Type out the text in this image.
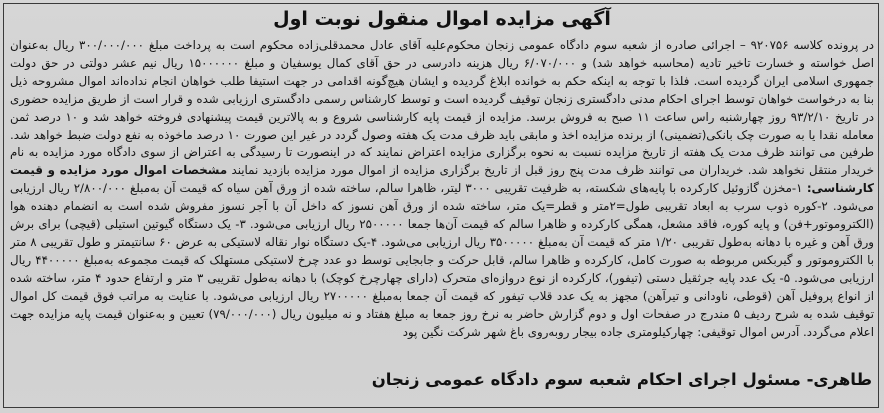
آگهی مزایده اموال منقول نوبت اول
در پرونده کلاسه ۹۲۰۷۵۶ – اجرائی صادره از شعبه سوم دادگاه عمومی زنجان محکوم‌علیه آقای عادل محمدقلی‌زاده محکوم است به پرداخت مبلغ ۳۰۰/۰۰۰/۰۰۰ ریال به‌عنوان اصل خواسته و خسارت تاخیر تادیه (محاسبه خواهد شد) و ۶/۰۷۰/۰۰۰ ریال هزینه دادرسی در حق آقای کمال یوسفیان و مبلغ ۱۵۰۰۰۰۰۰ ریال نیم عشر دولتی در حق دولت جمهوری اسلامی ایران گردیده است. فلذا با توجه به اینکه حکم به خوانده ابلاغ گردیده و ایشان هیچ‌گونه اقدامی در جهت استیفا طلب خواهان انجام نداده‌اند اموال مشروحه ذیل بنا به درخواست خواهان توسط اجرای احکام مدنی دادگستری زنجان توقیف گردیده است و توسط کارشناس رسمی دادگستری ارزیابی شده و قرار است از طریق مزایده حضوری در تاریخ ۹۳/۲/۱۰ روز چهارشنبه راس ساعت ۱۱ صبح به فروش برسد. مزایده از قیمت پایه کارشناسی شروع و به پالاترین قیمت پیشنهادی فروخته خواهد شد و ۱۰ درصد ثمن معامله نقدا یا به صورت چک بانکی(تضمینی) از برنده مزایده اخذ و مابقی باید ظرف مدت یک هفته وصول گردد در غیر این صورت ۱۰ درصد ماخوذه به نفع دولت ضبط خواهد شد. طرفین می توانند ظرف مدت یک هفته از تاریخ مزایده نسبت به نحوه برگزاری مزایده اعتراض نمایند که در اینصورت تا رسیدگی به اعتراض از سوی دادگاه مورد مزایده به نام خریدار منتقل نخواهد شد. خریداران می توانند ظرف مدت پنج روز قبل از تاریخ برگزاری مزایده از اموال مورد مزایده بازدید نمایند مشخصات اموال مورد مزایده و قیمت کارشناسی: ۱-مخزن گازوئیل کارکرده با پایه‌های شکسته، به ظرفیت تقریبی ۳۰۰۰ لیتر، ظاهرا سالم، ساخته شده از ورق آهن سیاه که قیمت آن به‌مبلغ ۲/۸۰۰/۰۰۰ ریال ارزیابی می‌شود. ۲-کوره ذوب سرب به ابعاد تقریبی طول=۲متر و قطر=یک متر، ساخته شده از ورق آهن نسوز که داخل آن با آجر نسوز مفروش شده است به انضمام دهنده هوا (الکتروموتور+فن) و پایه کوره، فاقد مشعل، همگی کارکرده و ظاهرا سالم که قیمت آن‌ها جمعا ۲۵۰۰۰۰۰ ریال ارزیابی می‌شود. ۳- یک دستگاه گیوتین استیلی (قیچی) برای برش ورق آهن و غیره با دهانه به‌طول تقریبی ۱/۲۰ متر که قیمت آن به‌مبلغ ۳۵۰۰۰۰۰ ریال ارزیابی می‌شود. ۴-یک دستگاه نوار نقاله لاستیکی به عرض ۶۰ سانتیمتر و طول تقریبی ۸ متر با الکتروموتور و گیربکس مربوطه به صورت کامل، کارکرده و ظاهرا سالم، قابل حرکت و جابجایی توسط دو عدد چرخ لاستیکی مستهلک که قیمت مجموعه به‌مبلغ ۴۴۰۰۰۰۰ ریال ارزیابی می‌شود. ۵- یک عدد پایه جرثقیل دستی (تیفور)، کارکرده از نوع دروازه‌ای متحرک (دارای چهارچرخ کوچک) با دهانه به‌طول تقریبی ۳ متر و ارتفاع حدود ۴ متر، ساخته شده از انواع پروفیل آهن (قوطی، ناودانی و تیرآهن) مجهز به یک عدد قلاب تیفور که قیمت آن جمعا به‌مبلغ ۲۷۰۰۰۰۰ ریال ارزیابی می‌شود. با عنایت به مراتب فوق قیمت کل اموال توقیف شده به شرح ردیف ۵ مندرج در صفحات اول و دوم گزارش حاضر به نرخ روز جمعا به مبلغ هفتاد و نه میلیون ریال (۷۹/۰۰۰/۰۰۰) تعیین و به‌عنوان قیمت پایه مزایده جهت اعلام می‌گردد. آدرس اموال توقیفی: چهارکیلومتری جاده بیجار روبه‌روی باغ شهر شرکت نگین پود
طاهری- مسئول اجرای احکام شعبه سوم دادگاه عمومی زنجان
